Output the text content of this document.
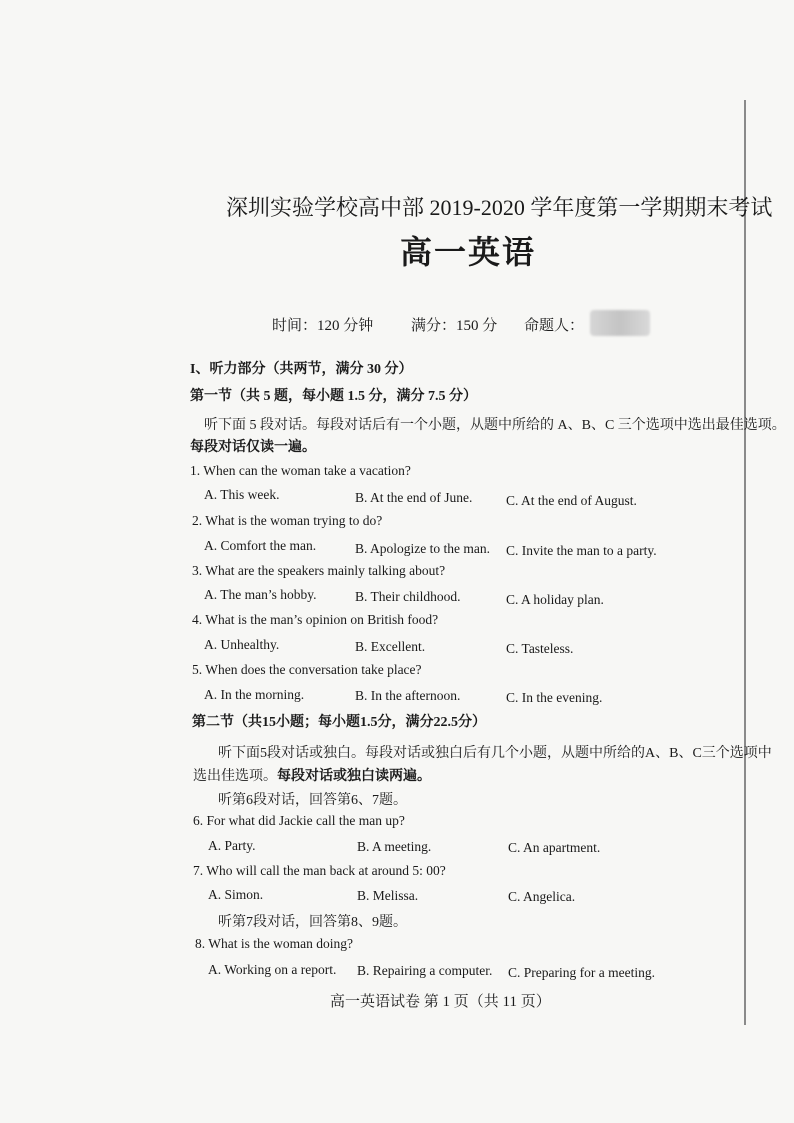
深圳实验学校高中部 2019-2020 学年度第一学期期末考试
高一英语
时间：120 分钟	满分：150 分 命题人：
I、听力部分（共两节，满分 30 分）
第一节（共 5 题，每小题 1.5 分，满分 7.5 分）
听下面 5 段对话。每段对话后有一个小题，从题中所给的 A、B、C 三个选项中选出最佳选项。
每段对话仅读一遍。
1. When can the woman take a vacation?
A. This week.	B. At the end of June. C. At the end of August.
2. What is the woman trying to do?
A. Comfort the man.	B. Apologize to the man. C. Invite the man to a party.
3. What are the speakers mainly talking about?
A. The man’s hobby.	B. Their childhood.	C. A holiday plan.
4. What is the man’s opinion on British food?
A. Unhealthy.	B. Excellent.	C. Tasteless.
5. When does the conversation take place?
A. In the morning.	B. In the afternoon.	C. In the evening.
第二节（共15小题；每小题1.5分，满分22.5分）
听下面5段对话或独白。每段对话或独白后有几个小题，从题中所给的A、B、C三个选项中
选出佳选项。每段对话或独白读两遍。
听第6段对话，回答第6、7题。
6. For what did Jackie call the man up?
A. Party.	B. A meeting.	C. An apartment.
7. Who will call the man back at around 5: 00?
A. Simon.	B. Melissa.	C. Angelica.
听第7段对话，回答第8、9题。
8. What is the woman doing?
A. Working on a report. B. Repairing a computer. C. Preparing for a meeting.
高一英语试卷 第 1 页（共 11 页）
